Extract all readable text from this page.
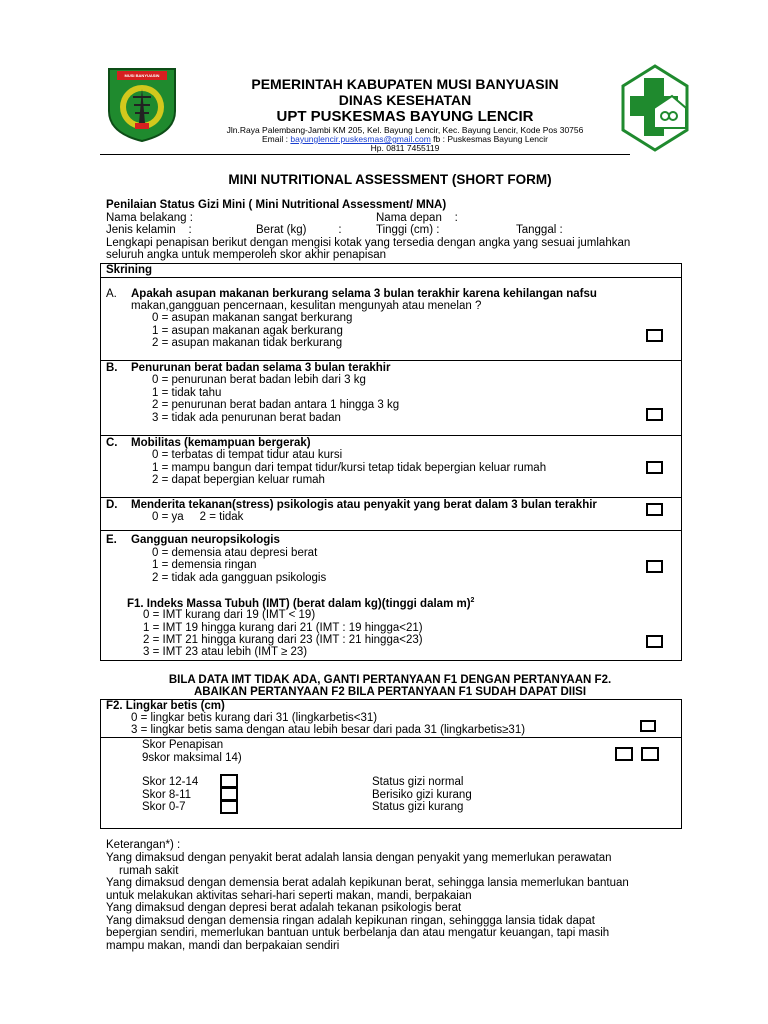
MUSI BANYUASIN
PEMERINTAH KABUPATEN MUSI BANYUASIN
DINAS KESEHATAN
UPT PUSKESMAS BAYUNG LENCIR
Jln.Raya Palembang-Jambi KM 205, Kel. Bayung Lencir, Kec. Bayung Lencir, Kode Pos 30756
Email : bayunglencir.puskesmas@gmail.com fb : Puskesmas Bayung Lencir
Hp. 0811 7455119
MINI NUTRITIONAL ASSESSMENT (SHORT FORM)
Penilaian Status Gizi Mini ( Mini Nutritional Assessment/ MNA)
Nama belakang :	Nama depan    :
Jenis kelamin    :	Berat (kg)          :	Tinggi (cm) :	Tanggal :
Lengkapi penapisan berikut dengan mengisi kotak yang tersedia dengan angka yang sesuai jumlahkan
seluruh angka untuk memperoleh skor akhir penapisan
Skrining
A. Apakah asupan makanan berkurang selama 3 bulan terakhir karena kehilangan nafsu
makan,gangguan pencernaan, kesulitan mengunyah atau menelan ?
0 = asupan makanan sangat berkurang
1 = asupan makanan agak berkurang
2 = asupan makanan tidak berkurang
B. Penurunan berat badan selama 3 bulan terakhir
0 = penurunan berat badan lebih dari 3 kg
1 = tidak tahu
2 = penurunan berat badan antara 1 hingga 3 kg
3 = tidak ada penurunan berat badan
C. Mobilitas (kemampuan bergerak)
0 = terbatas di tempat tidur atau kursi
1 = mampu bangun dari tempat tidur/kursi tetap tidak bepergian keluar rumah
2 = dapat bepergian keluar rumah
D. Menderita tekanan(stress) psikologis atau penyakit yang berat dalam 3 bulan terakhir
0 = ya     2 = tidak
E. Gangguan neuropsikologis
0 = demensia atau depresi berat
1 = demensia ringan
2 = tidak ada gangguan psikologis
F1. Indeks Massa Tubuh (IMT) (berat dalam kg)(tinggi dalam m)$^2$
0 = IMT kurang dari 19 (IMT < 19)
1 = IMT 19 hingga kurang dari 21 (IMT : 19 hingga<21)
2 = IMT 21 hingga kurang dari 23 (IMT : 21 hingga<23)
3 = IMT 23 atau lebih (IMT ≥ 23)
BILA DATA IMT TIDAK ADA, GANTI PERTANYAAN F1 DENGAN PERTANYAAN F2.
ABAIKAN PERTANYAAN F2 BILA PERTANYAAN F1 SUDAH DAPAT DIISI
F2. Lingkar betis (cm)
0 = lingkar betis kurang dari 31 (lingkarbetis<31)
3 = lingkar betis sama dengan atau lebih besar dari pada 31 (lingkarbetis≥31)
Skor Penapisan
9skor maksimal 14)
Skor 12-14	Status gizi normal
Skor 8-11	Berisiko gizi kurang
Skor 0-7	Status gizi kurang
Keterangan*) :
Yang dimaksud dengan penyakit berat adalah lansia dengan penyakit yang memerlukan perawatan
rumah sakit
Yang dimaksud dengan demensia berat adalah kepikunan berat, sehingga lansia memerlukan bantuan
untuk melakukan aktivitas sehari-hari seperti makan, mandi, berpakaian
Yang dimaksud dengan depresi berat adalah tekanan psikologis berat
Yang dimaksud dengan demensia ringan adalah kepikunan ringan, sehinggga lansia tidak dapat
bepergian sendiri, memerlukan bantuan untuk berbelanja dan atau mengatur keuangan, tapi masih
mampu makan, mandi dan berpakaian sendiri
